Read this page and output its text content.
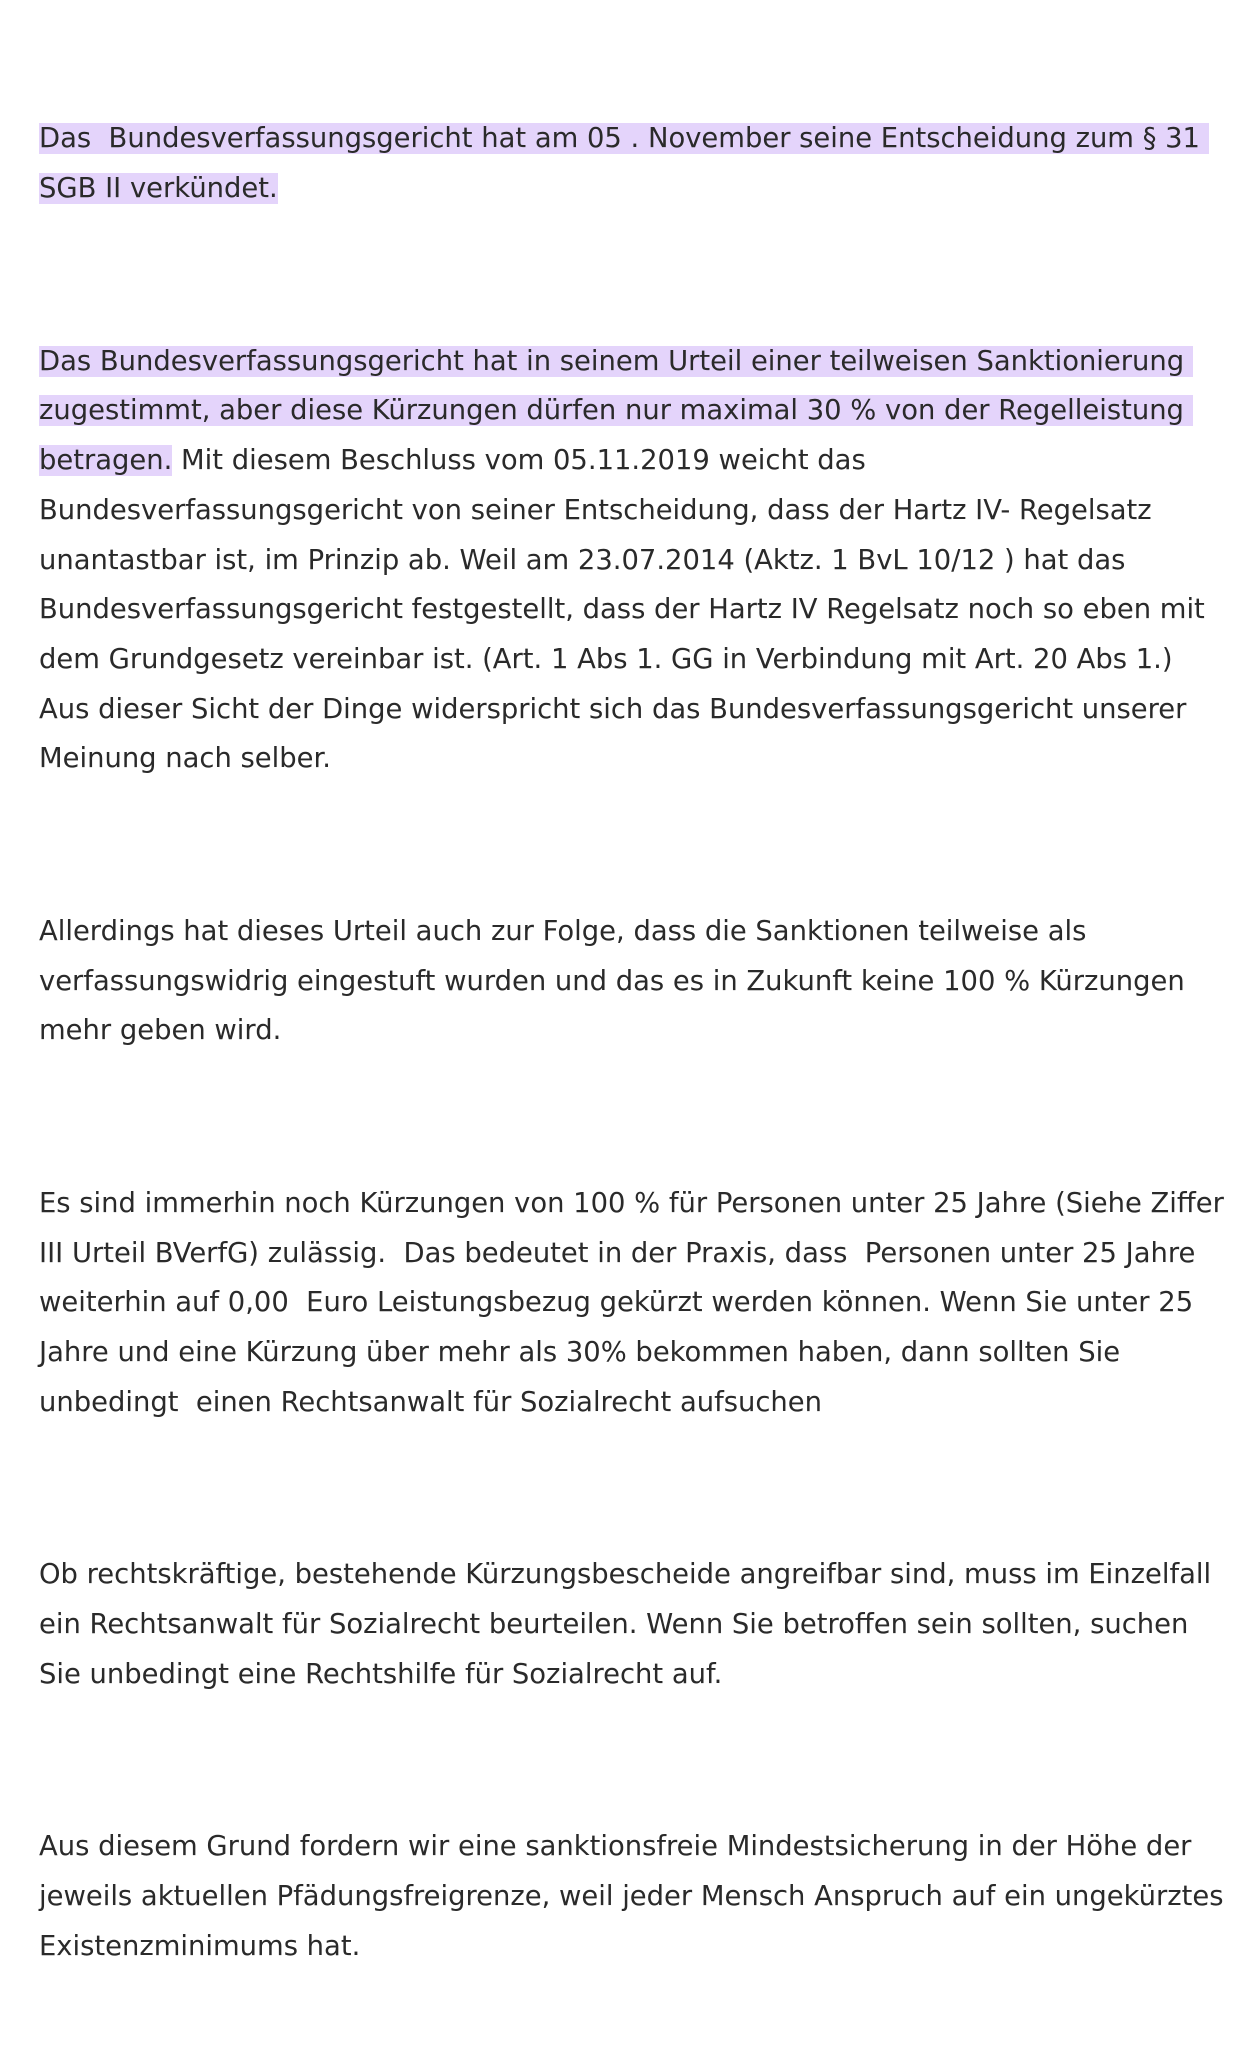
Das  Bundesverfassungsgericht hat am 05 . November seine Entscheidung zum § 31 SGB II verkündet.

Das Bundesverfassungsgericht hat in seinem Urteil einer teilweisen Sanktionierung zugestimmt, aber diese Kürzungen dürfen nur maximal 30 % von der Regelleistung betragen. Mit diesem Beschluss vom 05.11.2019 weicht das Bundesverfassungsgericht von seiner Entscheidung, dass der Hartz IV- Regelsatz unantastbar ist, im Prinzip ab. Weil am 23.07.2014 (Aktz. 1 BvL 10/12 ) hat das Bundesverfassungsgericht festgestellt, dass der Hartz IV Regelsatz noch so eben mit dem Grundgesetz vereinbar ist. (Art. 1 Abs 1. GG in Verbindung mit Art. 20 Abs 1.) Aus dieser Sicht der Dinge widerspricht sich das Bundesverfassungsgericht unserer Meinung nach selber.

Allerdings hat dieses Urteil auch zur Folge, dass die Sanktionen teilweise als verfassungswidrig eingestuft wurden und das es in Zukunft keine 100 % Kürzungen mehr geben wird.

Es sind immerhin noch Kürzungen von 100 % für Personen unter 25 Jahre (Siehe Ziffer III Urteil BVerfG) zulässig.  Das bedeutet in der Praxis, dass  Personen unter 25 Jahre weiterhin auf 0,00  Euro Leistungsbezug gekürzt werden können. Wenn Sie unter 25 Jahre und eine Kürzung über mehr als 30% bekommen haben, dann sollten Sie unbedingt  einen Rechtsanwalt für Sozialrecht aufsuchen

Ob rechtskräftige, bestehende Kürzungsbescheide angreifbar sind, muss im Einzelfall ein Rechtsanwalt für Sozialrecht beurteilen. Wenn Sie betroffen sein sollten, suchen Sie unbedingt eine Rechtshilfe für Sozialrecht auf.

Aus diesem Grund fordern wir eine sanktionsfreie Mindestsicherung in der Höhe der jeweils aktuellen Pfädungsfreigrenze, weil jeder Mensch Anspruch auf ein ungekürztes Existenzminimums hat.
